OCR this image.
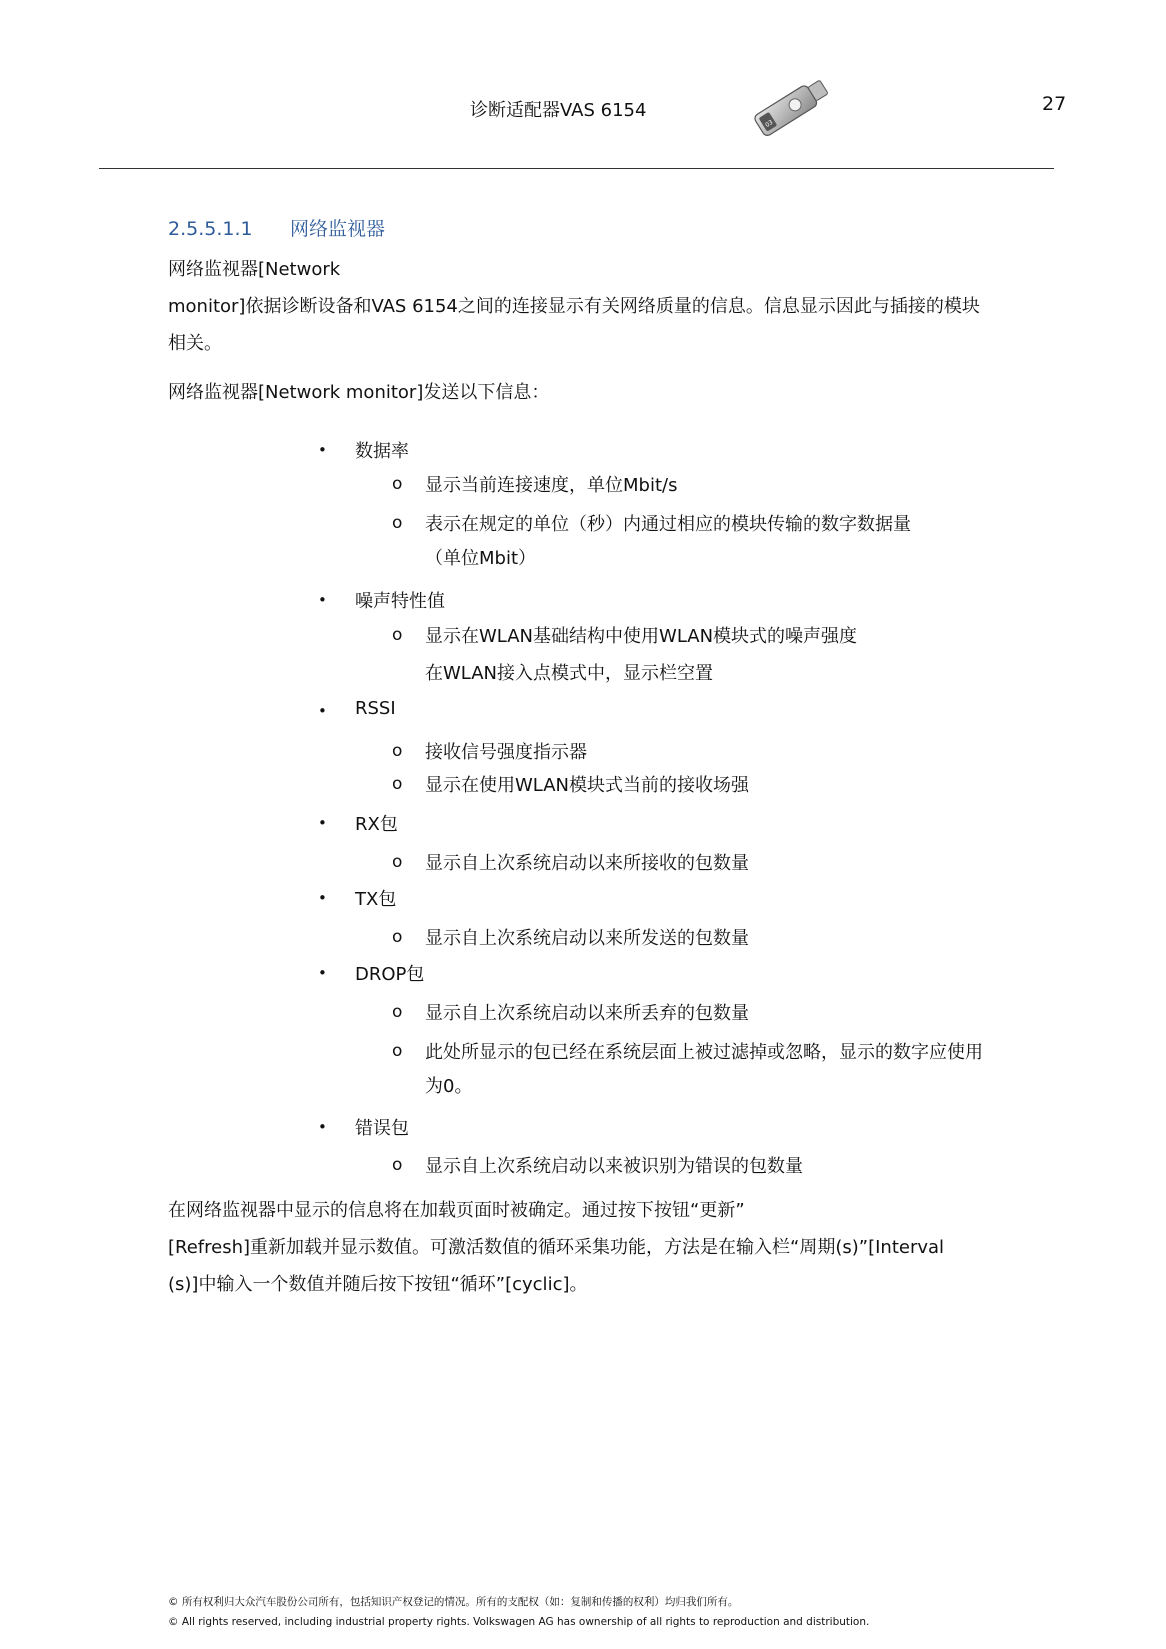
诊断适配器VAS 6154
03
27
2.5.5.1.1 网络监视器
网络监视器[Network
monitor]依据诊断设备和VAS 6154之间的连接显示有关网络质量的信息。信息显示因此与插接的模块
相关。
网络监视器[Network monitor]发送以下信息：
• 数据率
o 显示当前连接速度，单位Mbit/s
o 表示在规定的单位（秒）内通过相应的模块传输的数字数据量
（单位Mbit）
• 噪声特性值
o 显示在WLAN基础结构中使用WLAN模块式的噪声强度
在WLAN接入点模式中，显示栏空置
• RSSI
o 接收信号强度指示器
o 显示在使用WLAN模块式当前的接收场强
• RX包
o 显示自上次系统启动以来所接收的包数量
• TX包
o 显示自上次系统启动以来所发送的包数量
• DROP包
o 显示自上次系统启动以来所丢弃的包数量
o 此处所显示的包已经在系统层面上被过滤掉或忽略，显示的数字应使用
为0。
• 错误包
o 显示自上次系统启动以来被识别为错误的包数量
在网络监视器中显示的信息将在加载页面时被确定。通过按下按钮“更新”
[Refresh]重新加载并显示数值。可激活数值的循环采集功能，方法是在输入栏“周期(s)”[Interval
(s)]中输入一个数值并随后按下按钮“循环”[cyclic]。
© 所有权利归大众汽车股份公司所有，包括知识产权登记的情况。所有的支配权（如：复制和传播的权利）均归我们所有。
© All rights reserved, including industrial property rights. Volkswagen AG has ownership of all rights to reproduction and distribution.
